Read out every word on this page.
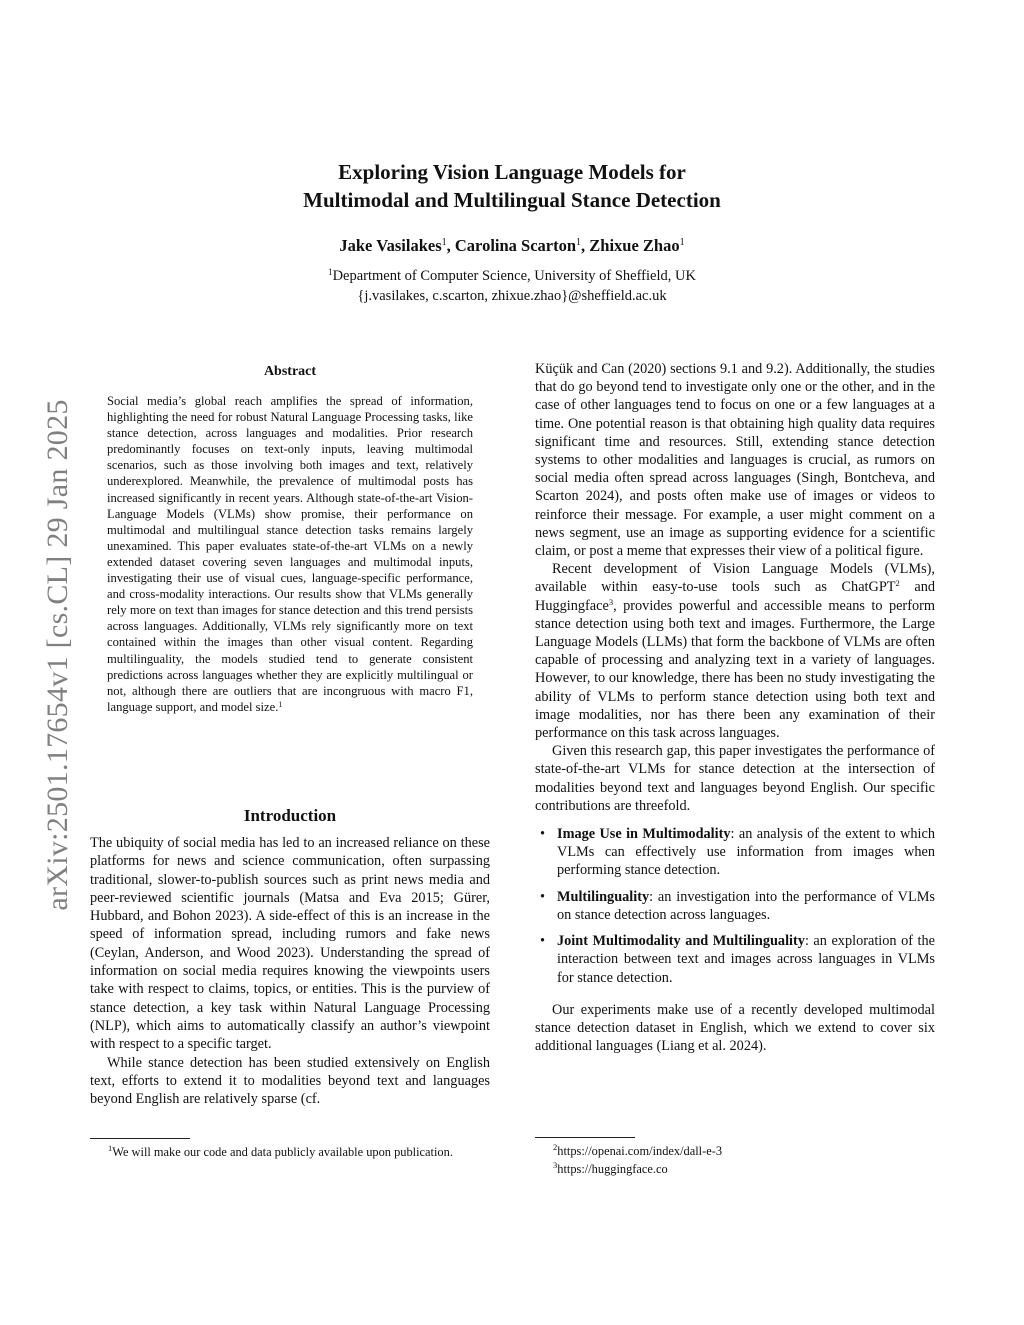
Exploring Vision Language Models for
Multimodal and Multilingual Stance Detection
Jake Vasilakes$^1$, Carolina Scarton$^1$, Zhixue Zhao$^1$
$^1$Department of Computer Science, University of Sheffield, UK
{j.vasilakes, c.scarton, zhixue.zhao}@sheffield.ac.uk
arXiv:2501.17654v1 [cs.CL] 29 Jan 2025
Abstract
Social media’s global reach amplifies the spread of information, highlighting the need for robust Natural Language Processing tasks, like stance detection, across languages and modalities. Prior research predominantly focuses on text-only inputs, leaving multimodal scenarios, such as those involving both images and text, relatively underexplored. Meanwhile, the prevalence of multimodal posts has increased significantly in recent years. Although state-of-the-art Vision-Language Models (VLMs) show promise, their performance on multimodal and multilingual stance detection tasks remains largely unexamined. This paper evaluates state-of-the-art VLMs on a newly extended dataset covering seven languages and multimodal inputs, investigating their use of visual cues, language-specific performance, and cross-modality interactions. Our results show that VLMs generally rely more on text than images for stance detection and this trend persists across languages. Additionally, VLMs rely significantly more on text contained within the images than other visual content. Regarding multilinguality, the models studied tend to generate consistent predictions across languages whether they are explicitly multilingual or not, although there are outliers that are incongruous with macro F1, language support, and model size.$^1$
Introduction

The ubiquity of social media has led to an increased reliance on these platforms for news and science communication, often surpassing traditional, slower-to-publish sources such as print news media and peer-reviewed scientific journals (Matsa and Eva 2015; Gürer, Hubbard, and Bohon 2023). A side-effect of this is an increase in the speed of information spread, including rumors and fake news (Ceylan, Anderson, and Wood 2023). Understanding the spread of information on social media requires knowing the viewpoints users take with respect to claims, topics, or entities. This is the purview of stance detection, a key task within Natural Language Processing (NLP), which aims to automatically classify an author’s viewpoint with respect to a specific target.

While stance detection has been studied extensively on English text, efforts to extend it to modalities beyond text and languages beyond English are relatively sparse (cf.

$^1$We will make our code and data publicly available upon publication.

Küçük and Can (2020) sections 9.1 and 9.2). Additionally, the studies that do go beyond tend to investigate only one or the other, and in the case of other languages tend to focus on one or a few languages at a time. One potential reason is that obtaining high quality data requires significant time and resources. Still, extending stance detection systems to other modalities and languages is crucial, as rumors on social media often spread across languages (Singh, Bontcheva, and Scarton 2024), and posts often make use of images or videos to reinforce their message. For example, a user might comment on a news segment, use an image as supporting evidence for a scientific claim, or post a meme that expresses their view of a political figure.

Recent development of Vision Language Models (VLMs), available within easy-to-use tools such as ChatGPT$^2$ and Huggingface$^3$, provides powerful and accessible means to perform stance detection using both text and images. Furthermore, the Large Language Models (LLMs) that form the backbone of VLMs are often capable of processing and analyzing text in a variety of languages. However, to our knowledge, there has been no study investigating the ability of VLMs to perform stance detection using both text and image modalities, nor has there been any examination of their performance on this task across languages.

Given this research gap, this paper investigates the performance of state-of-the-art VLMs for stance detection at the intersection of modalities beyond text and languages beyond English. Our specific contributions are threefold.

• Image Use in Multimodality: an analysis of the extent to which VLMs can effectively use information from images when performing stance detection.
• Multilinguality: an investigation into the performance of VLMs on stance detection across languages.
• Joint Multimodality and Multilinguality: an exploration of the interaction between text and images across languages in VLMs for stance detection.

Our experiments make use of a recently developed multimodal stance detection dataset in English, which we extend to cover six additional languages (Liang et al. 2024).

$^2$https://openai.com/index/dall-e-3
$^3$https://huggingface.co
